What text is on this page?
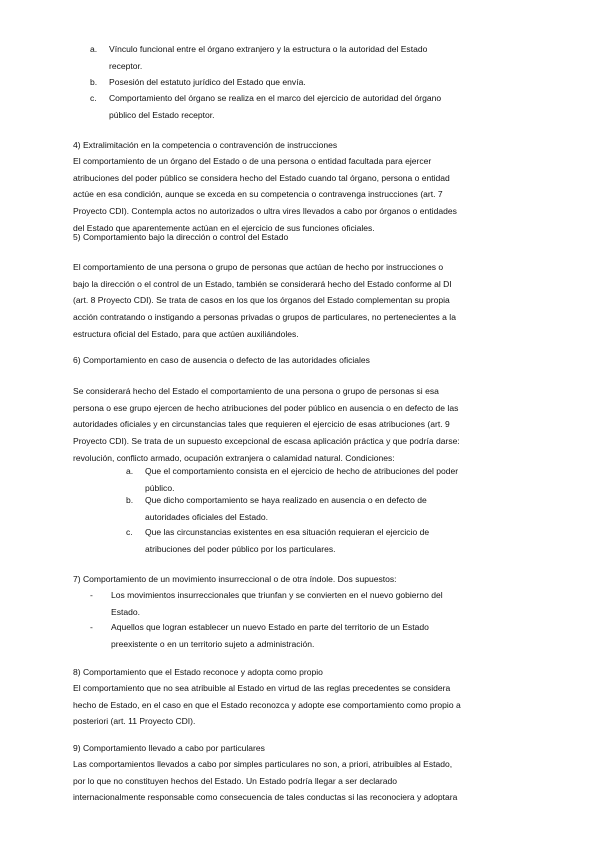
a.	Vínculo funcional entre el órgano extranjero y la estructura o la autoridad del Estado
receptor.
b.	Posesión del estatuto jurídico del Estado que envía.
c.	Comportamiento del órgano se realiza en el marco del ejercicio de autoridad del órgano
público del Estado receptor.
4) Extralimitación en la competencia o contravención de instrucciones
El comportamiento de un órgano del Estado o de una persona o entidad facultada para ejercer
atribuciones del poder público se considera hecho del Estado cuando tal órgano, persona o entidad
actúe en esa condición, aunque se exceda en su competencia o contravenga instrucciones (art. 7
Proyecto CDI). Contempla actos no autorizados o ultra vires llevados a cabo por órganos o entidades
del Estado que aparentemente actúan en el ejercicio de sus funciones oficiales.
5) Comportamiento bajo la dirección o control del Estado
El comportamiento de una persona o grupo de personas que actúan de hecho por instrucciones o
bajo la dirección o el control de un Estado, también se considerará hecho del Estado conforme al DI
(art. 8 Proyecto CDI). Se trata de casos en los que los órganos del Estado complementan su propia
acción contratando o instigando a personas privadas o grupos de particulares, no pertenecientes a la
estructura oficial del Estado, para que actúen auxiliándoles.
6) Comportamiento en caso de ausencia o defecto de las autoridades oficiales
Se considerará hecho del Estado el comportamiento de una persona o grupo de personas si esa
persona o ese grupo ejercen de hecho atribuciones del poder público en ausencia o en defecto de las
autoridades oficiales y en circunstancias tales que requieren el ejercicio de esas atribuciones (art. 9
Proyecto CDI). Se trata de un supuesto excepcional de escasa aplicación práctica y que podría darse:
revolución, conflicto armado, ocupación extranjera o calamidad natural. Condiciones:
a.	Que el comportamiento consista en el ejercicio de hecho de atribuciones del poder
público.
b.	Que dicho comportamiento se haya realizado en ausencia o en defecto de
autoridades oficiales del Estado.
c.	Que las circunstancias existentes en esa situación requieran el ejercicio de
atribuciones del poder público por los particulares.
7) Comportamiento de un movimiento insurreccional o de otra índole. Dos supuestos:
-	Los movimientos insurreccionales que triunfan y se convierten en el nuevo gobierno del
Estado.
-	Aquellos que logran establecer un nuevo Estado en parte del territorio de un Estado
preexistente o en un territorio sujeto a administración.
8) Comportamiento que el Estado reconoce y adopta como propio
El comportamiento que no sea atribuible al Estado en virtud de las reglas precedentes se considera
hecho de Estado, en el caso en que el Estado reconozca y adopte ese comportamiento como propio a
posteriori (art. 11 Proyecto CDI).
9) Comportamiento llevado a cabo por particulares
Las comportamientos llevados a cabo por simples particulares no son, a priori, atribuibles al Estado,
por lo que no constituyen hechos del Estado. Un Estado podría llegar a ser declarado
internacionalmente responsable como consecuencia de tales conductas si las reconociera y adoptara
